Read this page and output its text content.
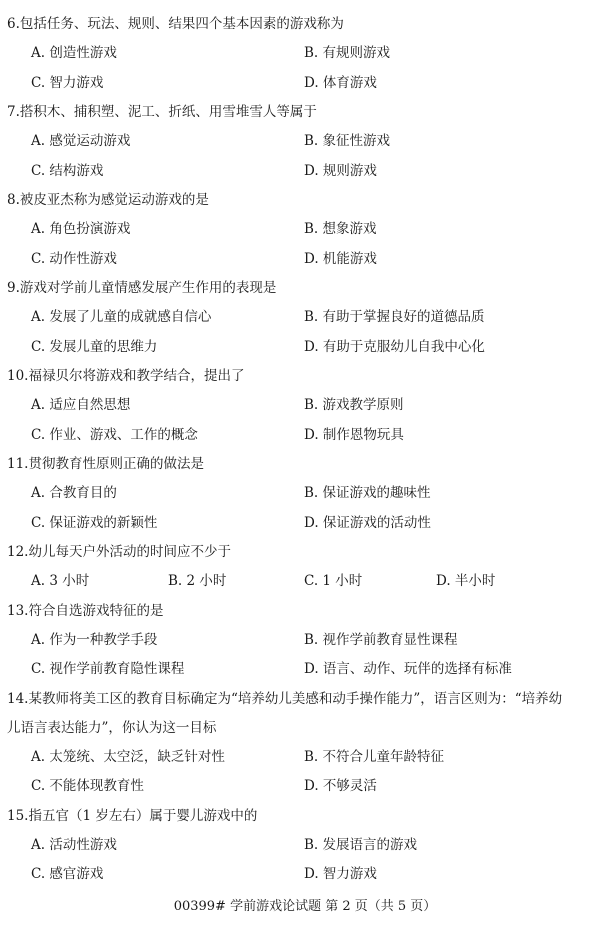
6.包括任务、玩法、规则、结果四个基本因素的游戏称为
A. 创造性游戏	B. 有规则游戏
C. 智力游戏	D. 体育游戏
7.搭积木、捕积塑、泥工、折纸、用雪堆雪人等属于
A. 感觉运动游戏	B. 象征性游戏
C. 结构游戏	D. 规则游戏
8.被皮亚杰称为感觉运动游戏的是
A. 角色扮演游戏	B. 想象游戏
C. 动作性游戏	D. 机能游戏
9.游戏对学前儿童情感发展产生作用的表现是
A. 发展了儿童的成就感自信心	B. 有助于掌握良好的道德品质
C. 发展儿童的思维力	D. 有助于克服幼儿自我中心化
10.福禄贝尔将游戏和教学结合，提出了
A. 适应自然思想	B. 游戏教学原则
C. 作业、游戏、工作的概念	D. 制作恩物玩具
11.贯彻教育性原则正确的做法是
A. 合教育目的	B. 保证游戏的趣味性
C. 保证游戏的新颖性	D. 保证游戏的活动性
12.幼儿每天户外活动的时间应不少于
A. 3 小时	B. 2 小时	C. 1 小时	D. 半小时
13.符合自选游戏特征的是
A. 作为一种教学手段	B. 视作学前教育显性课程
C. 视作学前教育隐性课程	D. 语言、动作、玩伴的选择有标准
14.某教师将美工区的教育目标确定为“培养幼儿美感和动手操作能力”，语言区则为：“培养幼
儿语言表达能力”，你认为这一目标
A. 太笼统、太空泛，缺乏针对性	B. 不符合儿童年龄特征
C. 不能体现教育性	D. 不够灵活
15.指五官（1 岁左右）属于婴儿游戏中的
A. 活动性游戏	B. 发展语言的游戏
C. 感官游戏	D. 智力游戏
00399# 学前游戏论试题 第 2 页（共 5 页）
